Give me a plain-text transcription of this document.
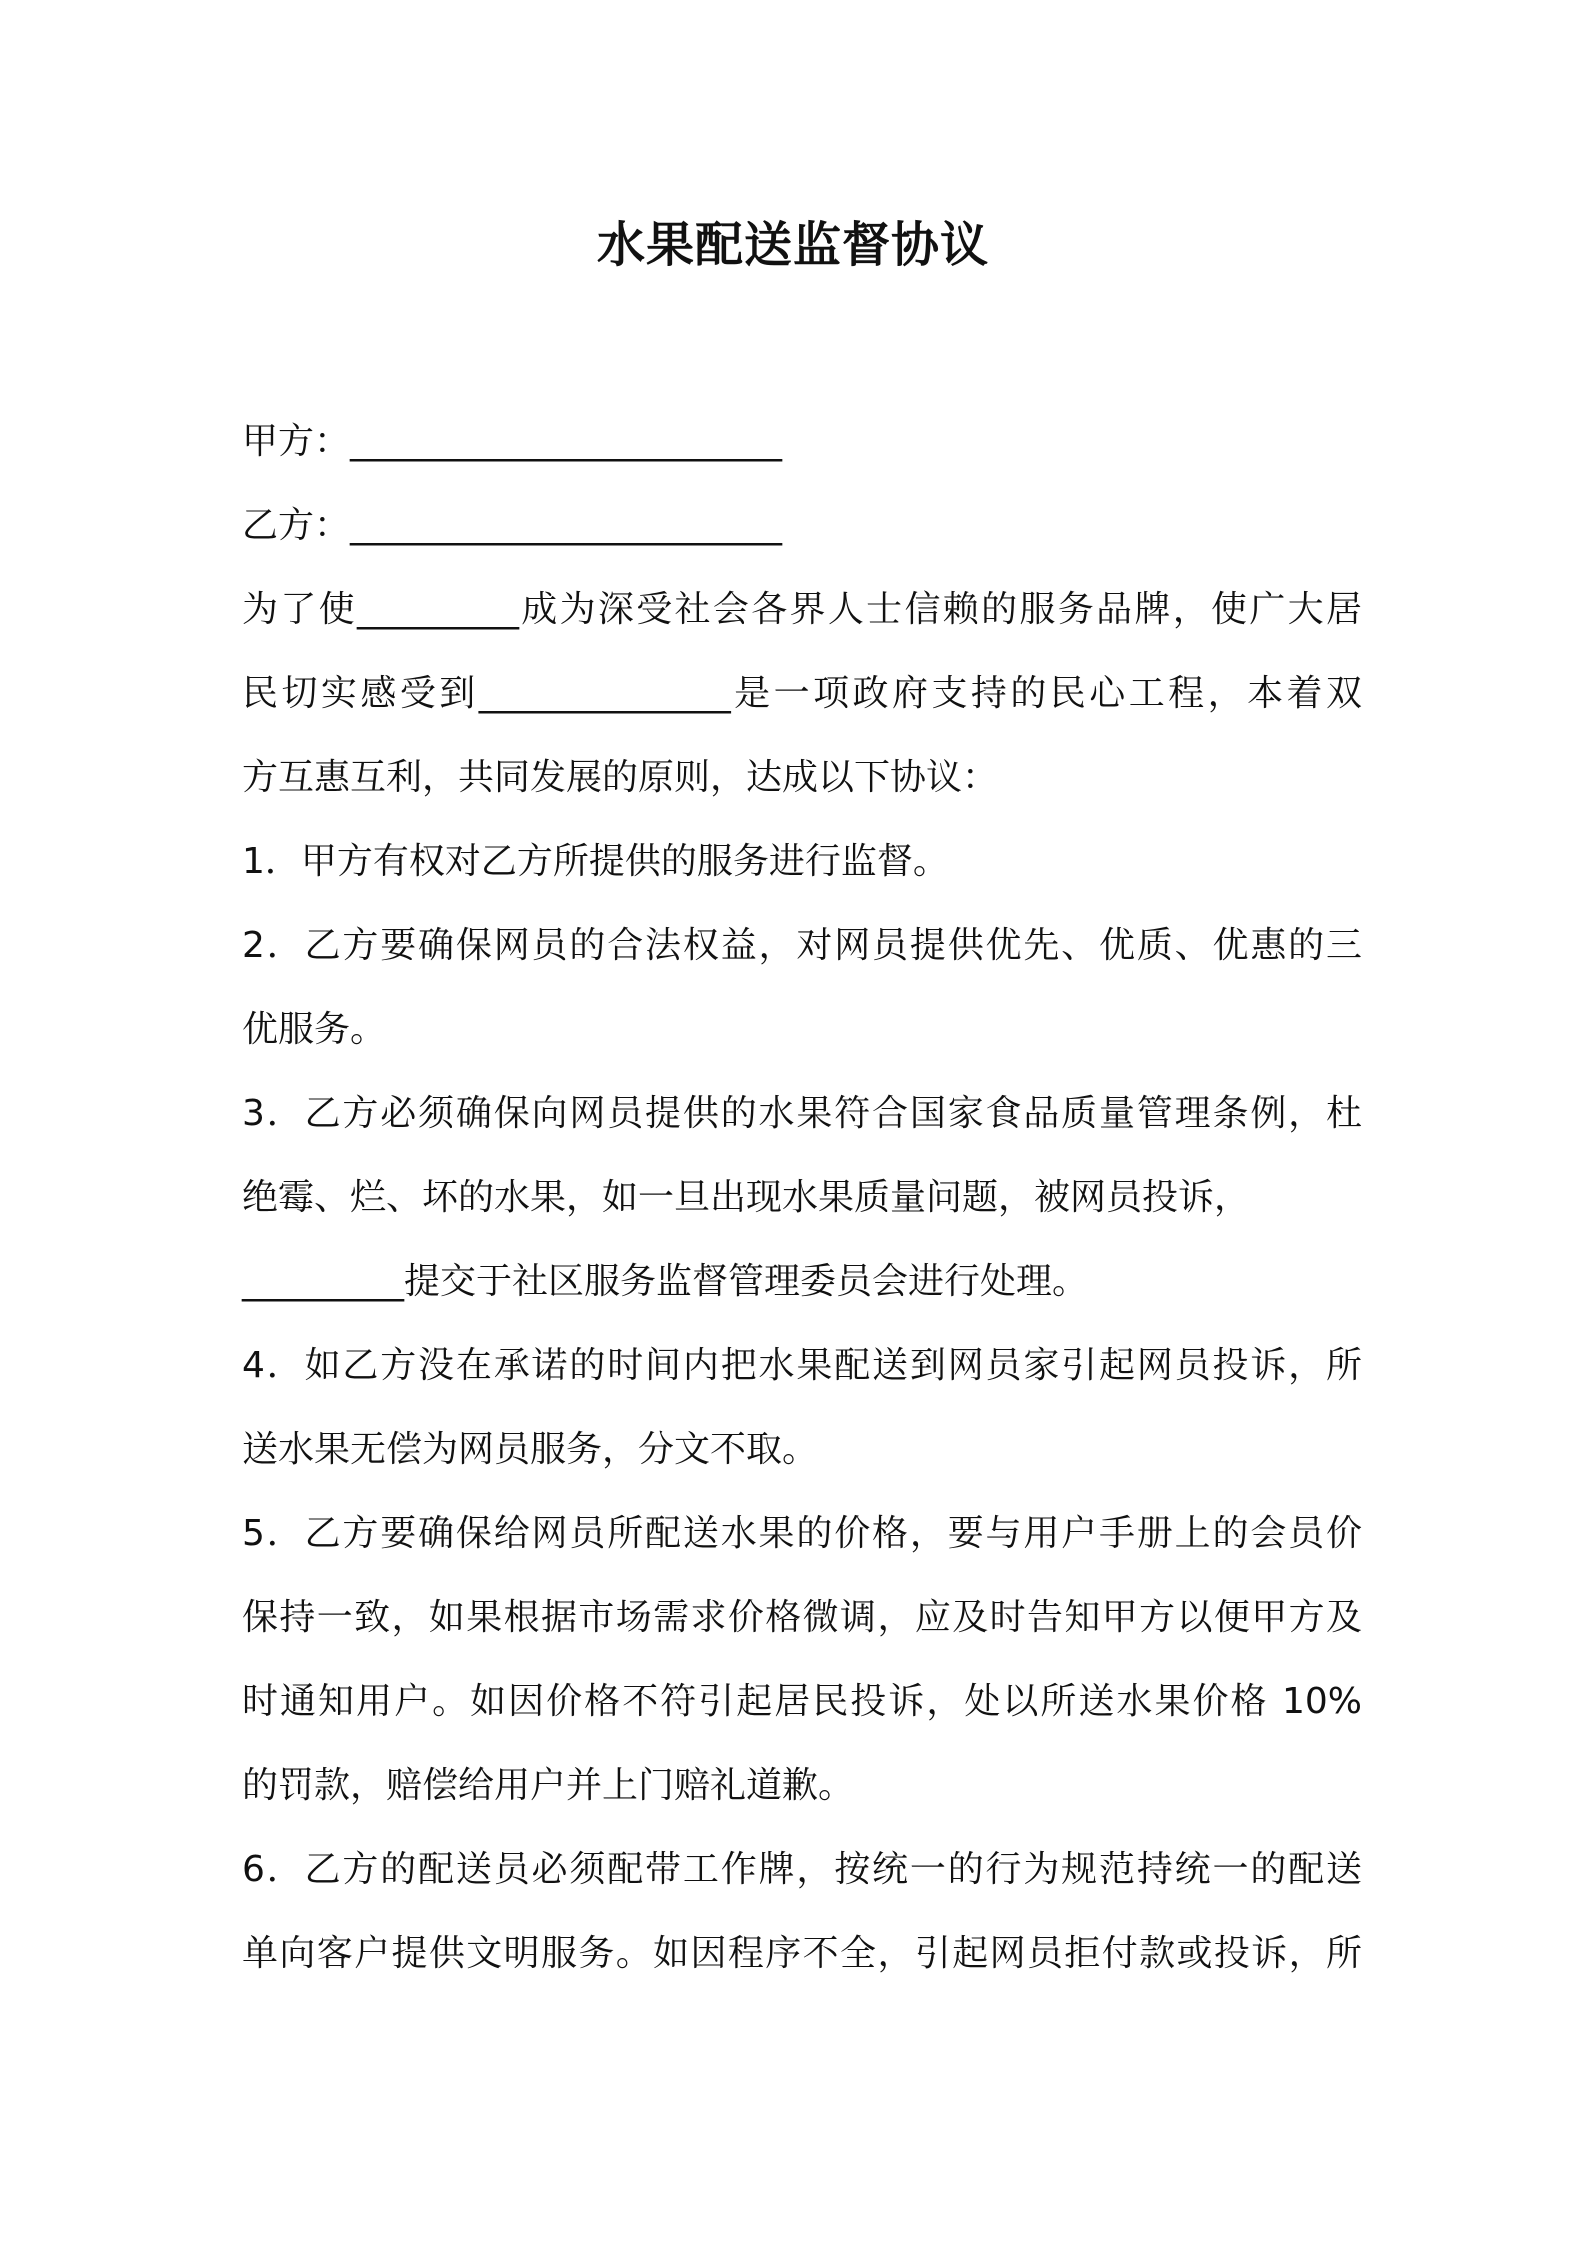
水果配送监督协议
甲方：________________________
乙方：________________________
为了使_________成为深受社会各界人士信赖的服务品牌，使广大居
民切实感受到______________是一项政府支持的民心工程，本着双
方互惠互利，共同发展的原则，达成以下协议：
1．甲方有权对乙方所提供的服务进行监督。
2．乙方要确保网员的合法权益，对网员提供优先、优质、优惠的三
优服务。
3．乙方必须确保向网员提供的水果符合国家食品质量管理条例，杜
绝霉、烂、坏的水果，如一旦出现水果质量问题，被网员投诉，
_________提交于社区服务监督管理委员会进行处理。
4．如乙方没在承诺的时间内把水果配送到网员家引起网员投诉，所
送水果无偿为网员服务，分文不取。
5．乙方要确保给网员所配送水果的价格，要与用户手册上的会员价
保持一致，如果根据市场需求价格微调，应及时告知甲方以便甲方及
时通知用户。如因价格不符引起居民投诉，处以所送水果价格 10%
的罚款，赔偿给用户并上门赔礼道歉。
6．乙方的配送员必须配带工作牌，按统一的行为规范持统一的配送
单向客户提供文明服务。如因程序不全，引起网员拒付款或投诉，所
